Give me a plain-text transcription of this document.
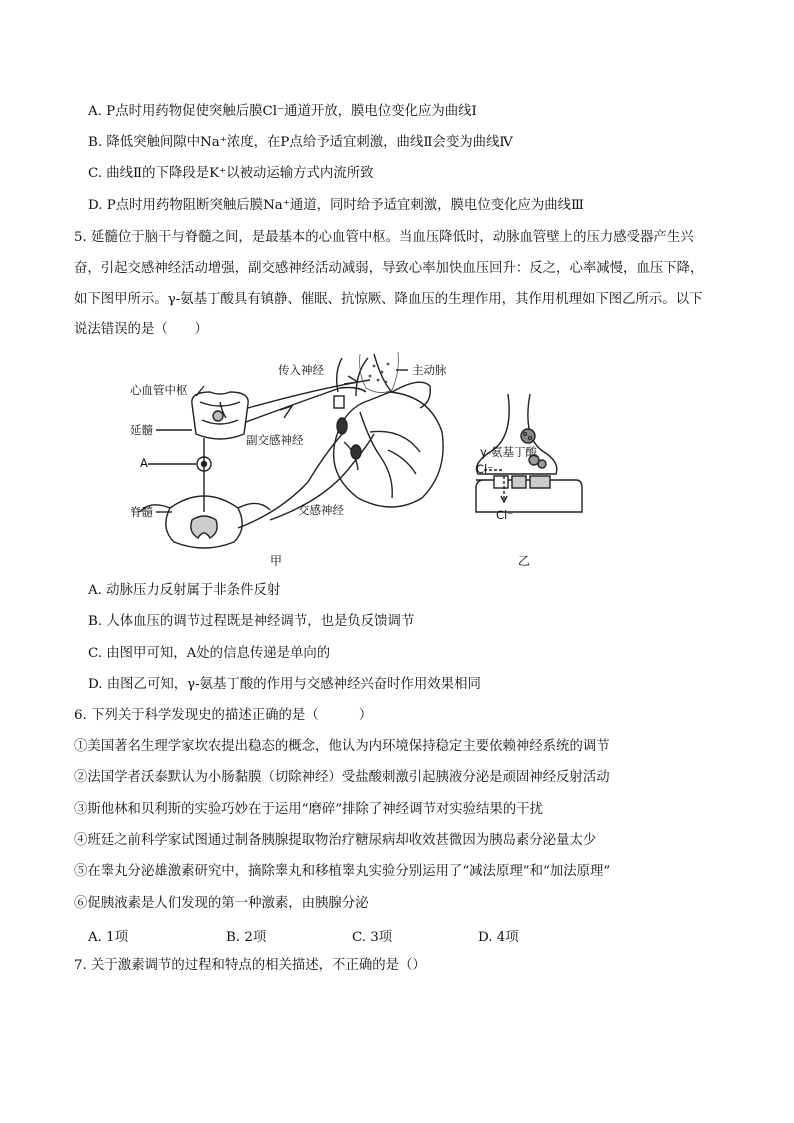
A. P点时用药物促使突触后膜Cl⁻通道开放，膜电位变化应为曲线Ⅰ
B. 降低突触间隙中Na⁺浓度，在P点给予适宜刺激，曲线Ⅱ会变为曲线Ⅳ
C. 曲线Ⅱ的下降段是K⁺以被动运输方式内流所致
D. P点时用药物阻断突触后膜Na⁺通道，同时给予适宜刺激，膜电位变化应为曲线Ⅲ
5. 延髓位于脑干与脊髓之间，是最基本的心血管中枢。当血压降低时，动脉血管壁上的压力感受器产生兴
奋，引起交感神经活动增强，副交感神经活动减弱，导致心率加快血压回升：反之，心率减慢，血压下降，
如下图甲所示。γ-氨基丁酸具有镇静、催眠、抗惊厥、降血压的生理作用，其作用机理如下图乙所示。以下
说法错误的是（　　）
心血管中枢
延髓
A
脊髓
传入神经	主动脉
副交感神经
交感神经
甲
γ-氨基丁酸
Cl⁻
Cl⁻
乙
A. 动脉压力反射属于非条件反射
B. 人体血压的调节过程既是神经调节，也是负反馈调节
C. 由图甲可知，A处的信息传递是单向的
D. 由图乙可知，γ-氨基丁酸的作用与交感神经兴奋时作用效果相同
6. 下列关于科学发现史的描述正确的是（　　　）
①美国著名生理学家坎农提出稳态的概念，他认为内环境保持稳定主要依赖神经系统的调节
②法国学者沃泰默认为小肠黏膜（切除神经）受盐酸刺激引起胰液分泌是顽固神经反射活动
③斯他林和贝利斯的实验巧妙在于运用“磨碎”排除了神经调节对实验结果的干扰
④班廷之前科学家试图通过制备胰腺提取物治疗糖尿病却收效甚微因为胰岛素分泌量太少
⑤在睾丸分泌雄激素研究中，摘除睾丸和移植睾丸实验分别运用了“减法原理”和“加法原理”
⑥促胰液素是人们发现的第一种激素，由胰腺分泌
A. 1项	B. 2项	C. 3项	D. 4项
7. 关于激素调节的过程和特点的相关描述，不正确的是（）
